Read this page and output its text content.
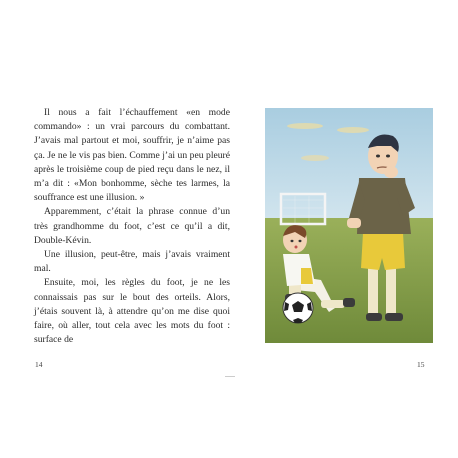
Il nous a fait l’échauffement «en mode commando» : un vrai parcours du combattant. J’avais mal partout et moi, souffrir, je n’aime pas ça. Je ne le vis pas bien. Comme j’ai un peu pleuré après le troisième coup de pied reçu dans le nez, il m’a dit : «Mon bonhomme, sèche tes larmes, la souffrance est une illusion. »

Apparemment, c’était la phrase connue d’un très grandhomme du foot, c’est ce qu’il a dit, Double-Kévin.

Une illusion, peut-être, mais j’avais vraiment mal.

Ensuite, moi, les règles du foot, je ne les connaissais pas sur le bout des orteils. Alors, j’étais souvent là, à attendre qu’on me dise quoi faire, où aller, tout cela avec les mots du foot : surface de

14	15
